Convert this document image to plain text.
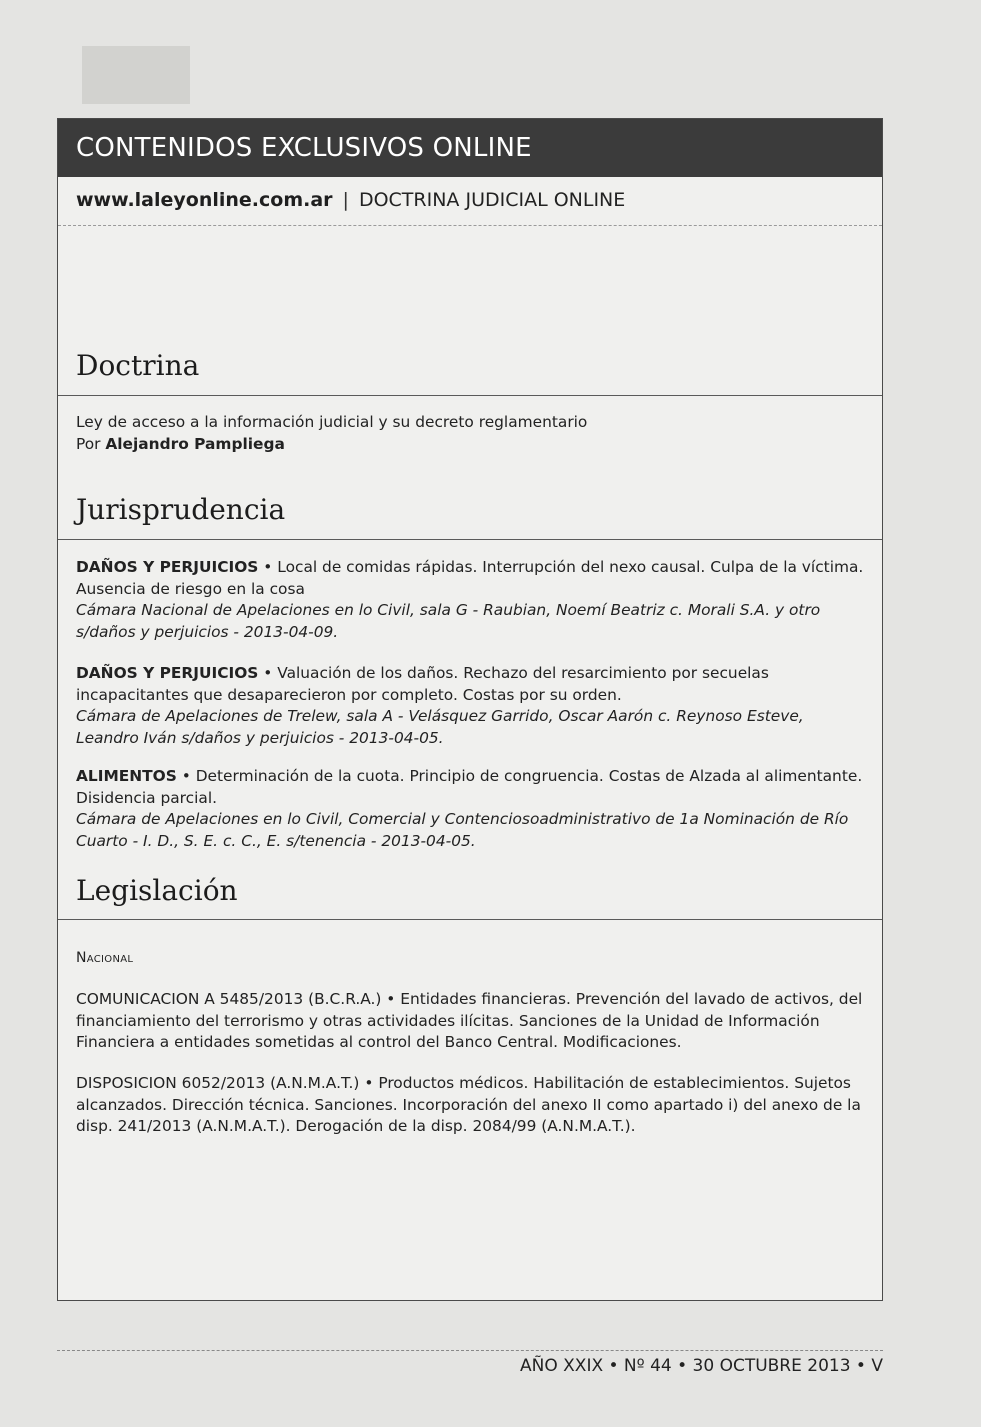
CONTENIDOS EXCLUSIVOS ONLINE
www.laleyonline.com.ar | DOCTRINA JUDICIAL ONLINE
Doctrina

Ley de acceso a la información judicial y su decreto reglamentario

Por Alejandro Pampliega

Jurisprudencia

DAÑOS Y PERJUICIOS • Local de comidas rápidas. Interrupción del nexo causal. Culpa de la víctima. Ausencia de riesgo en la cosa

Cámara Nacional de Apelaciones en lo Civil, sala G - Raubian, Noemí Beatriz c. Morali S.A. y otro s/daños y perjuicios - 2013-04-09.

DAÑOS Y PERJUICIOS • Valuación de los daños. Rechazo del resarcimiento por secuelas incapacitantes que desaparecieron por completo. Costas por su orden.

Cámara de Apelaciones de Trelew, sala A - Velásquez Garrido, Oscar Aarón c. Reynoso Esteve, Leandro Iván s/daños y perjuicios - 2013-04-05.

ALIMENTOS • Determinación de la cuota. Principio de congruencia. Costas de Alzada al alimentante. Disidencia parcial.

Cámara de Apelaciones en lo Civil, Comercial y Contenciosoadministrativo de 1a Nominación de Río Cuarto - I. D., S. E. c. C., E. s/tenencia - 2013-04-05.

Legislación

Nacional

COMUNICACION A 5485/2013 (B.C.R.A.) • Entidades financieras. Prevención del lavado de activos, del financiamiento del terrorismo y otras actividades ilícitas. Sanciones de la Unidad de Información Financiera a entidades sometidas al control del Banco Central. Modificaciones.

DISPOSICION 6052/2013 (A.N.M.A.T.) • Productos médicos. Habilitación de establecimientos. Sujetos alcanzados. Dirección técnica. Sanciones. Incorporación del anexo II como apartado i) del anexo de la disp. 241/2013 (A.N.M.A.T.). Derogación de la disp. 2084/99 (A.N.M.A.T.).

AÑO XXIX • Nº 44 • 30 OCTUBRE 2013 • V
